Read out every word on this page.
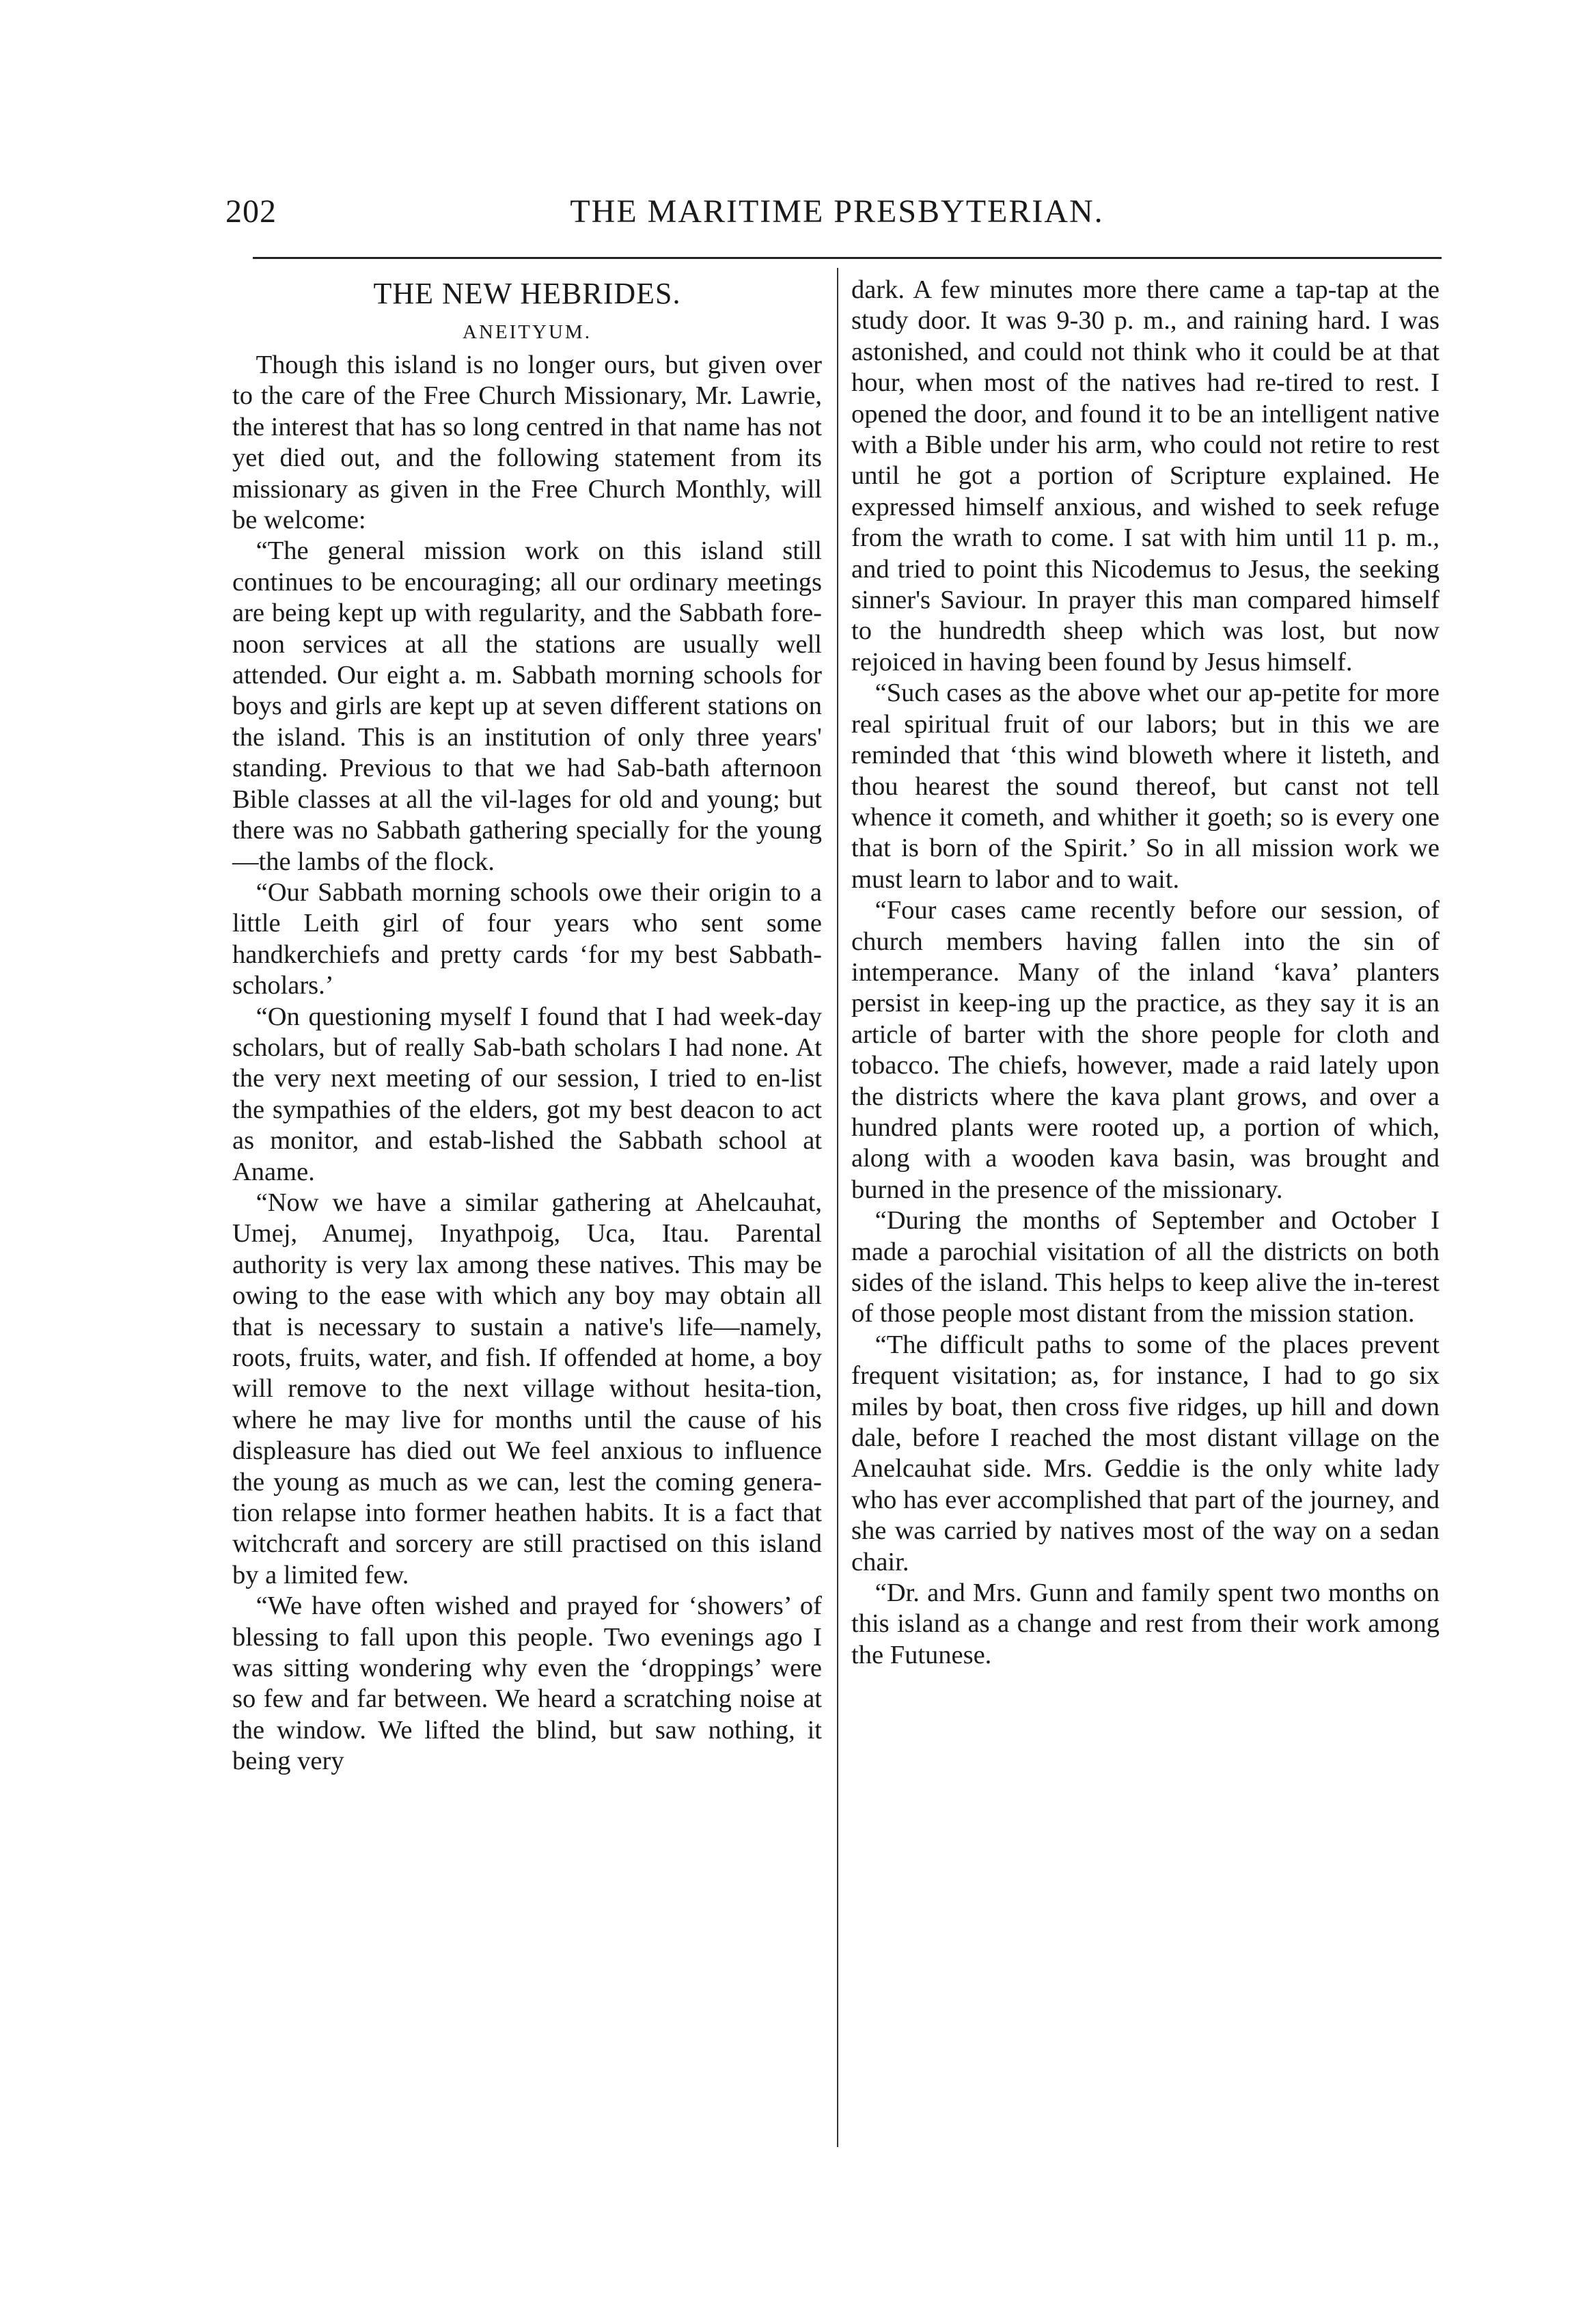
202	THE MARITIME PRESBYTERIAN.
THE NEW HEBRIDES.
ANEITYUM.

Though this island is no longer ours, but given over to the care of the Free Church Missionary, Mr. Lawrie, the interest that has so long centred in that name has not yet died out, and the following statement from its missionary as given in the Free Church Monthly, will be welcome:

“The general mission work on this island still continues to be encouraging; all our ordinary meetings are being kept up with regularity, and the Sabbath fore-noon services at all the stations are usually well attended. Our eight a. m. Sabbath morning schools for boys and girls are kept up at seven different stations on the island. This is an institution of only three years' standing. Previous to that we had Sab-bath afternoon Bible classes at all the vil-lages for old and young; but there was no Sabbath gathering specially for the young —the lambs of the flock.

“Our Sabbath morning schools owe their origin to a little Leith girl of four years who sent some handkerchiefs and pretty cards ‘for my best Sabbath-scholars.’

“On questioning myself I found that I had week-day scholars, but of really Sab-bath scholars I had none. At the very next meeting of our session, I tried to en-list the sympathies of the elders, got my best deacon to act as monitor, and estab-lished the Sabbath school at Aname.

“Now we have a similar gathering at Ahelcauhat, Umej, Anumej, Inyathpoig, Uca, Itau. Parental authority is very lax among these natives. This may be owing to the ease with which any boy may obtain all that is necessary to sustain a native's life—namely, roots, fruits, water, and fish. If offended at home, a boy will remove to the next village without hesita-tion, where he may live for months until the cause of his displeasure has died out We feel anxious to influence the young as much as we can, lest the coming genera-tion relapse into former heathen habits. It is a fact that witchcraft and sorcery are still practised on this island by a limited few.

“We have often wished and prayed for ‘showers’ of blessing to fall upon this people. Two evenings ago I was sitting wondering why even the ‘droppings’ were so few and far between. We heard a scratching noise at the window. We lifted the blind, but saw nothing, it being very

dark. A few minutes more there came a tap-tap at the study door. It was 9-30 p. m., and raining hard. I was astonished, and could not think who it could be at that hour, when most of the natives had re-tired to rest. I opened the door, and found it to be an intelligent native with a Bible under his arm, who could not retire to rest until he got a portion of Scripture explained. He expressed himself anxious, and wished to seek refuge from the wrath to come. I sat with him until 11 p. m., and tried to point this Nicodemus to Jesus, the seeking sinner's Saviour. In prayer this man compared himself to the hundredth sheep which was lost, but now rejoiced in having been found by Jesus himself.

“Such cases as the above whet our ap-petite for more real spiritual fruit of our labors; but in this we are reminded that ‘this wind bloweth where it listeth, and thou hearest the sound thereof, but canst not tell whence it cometh, and whither it goeth; so is every one that is born of the Spirit.’ So in all mission work we must learn to labor and to wait.

“Four cases came recently before our session, of church members having fallen into the sin of intemperance. Many of the inland ‘kava’ planters persist in keep-ing up the practice, as they say it is an article of barter with the shore people for cloth and tobacco. The chiefs, however, made a raid lately upon the districts where the kava plant grows, and over a hundred plants were rooted up, a portion of which, along with a wooden kava basin, was brought and burned in the presence of the missionary.

“During the months of September and October I made a parochial visitation of all the districts on both sides of the island. This helps to keep alive the in-terest of those people most distant from the mission station.

“The difficult paths to some of the places prevent frequent visitation; as, for instance, I had to go six miles by boat, then cross five ridges, up hill and down dale, before I reached the most distant village on the Anelcauhat side. Mrs. Geddie is the only white lady who has ever accomplished that part of the journey, and she was carried by natives most of the way on a sedan chair.

“Dr. and Mrs. Gunn and family spent two months on this island as a change and rest from their work among the Futunese.
